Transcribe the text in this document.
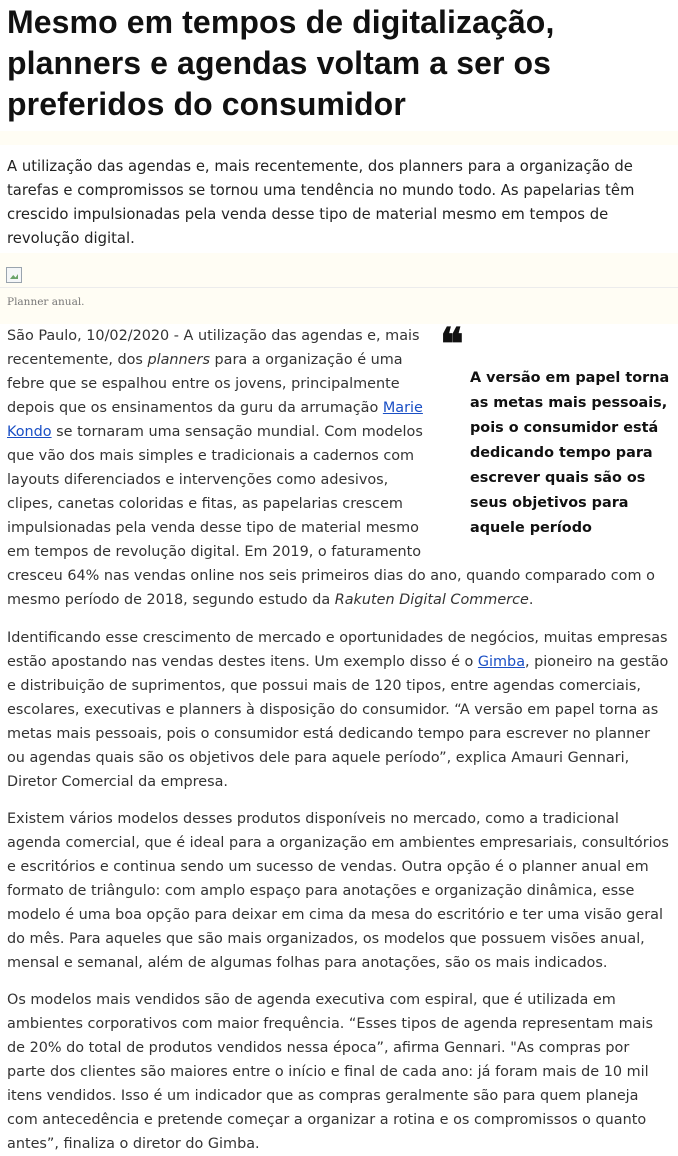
Mesmo em tempos de digitalização, planners e agendas voltam a ser os preferidos do consumidor
A utilização das agendas e, mais recentemente, dos planners para a organização de tarefas e compromissos se tornou uma tendência no mundo todo. As papelarias têm crescido impulsionadas pela venda desse tipo de material mesmo em tempos de revolução digital.
Planner anual.
❝
A versão em papel torna as metas mais pessoais, pois o consumidor está dedicando tempo para escrever quais são os seus objetivos para aquele período

São Paulo, 10/02/2020 - A utilização das agendas e, mais recentemente, dos planners para a organização é uma febre que se espalhou entre os jovens, principalmente depois que os ensinamentos da guru da arrumação Marie Kondo se tornaram uma sensação mundial. Com modelos que vão dos mais simples e tradicionais a cadernos com layouts diferenciados e intervenções como adesivos, clipes, canetas coloridas e fitas, as papelarias crescem impulsionadas pela venda desse tipo de material mesmo em tempos de revolução digital. Em 2019, o faturamento cresceu 64% nas vendas online nos seis primeiros dias do ano, quando comparado com o mesmo período de 2018, segundo estudo da Rakuten Digital Commerce.

Identificando esse crescimento de mercado e oportunidades de negócios, muitas empresas estão apostando nas vendas destes itens. Um exemplo disso é o Gimba, pioneiro na gestão e distribuição de suprimentos, que possui mais de 120 tipos, entre agendas comerciais, escolares, executivas e planners à disposição do consumidor. “A versão em papel torna as metas mais pessoais, pois o consumidor está dedicando tempo para escrever no planner ou agendas quais são os objetivos dele para aquele período”, explica Amauri Gennari, Diretor Comercial da empresa.

Existem vários modelos desses produtos disponíveis no mercado, como a tradicional agenda comercial, que é ideal para a organização em ambientes empresariais, consultórios e escritórios e continua sendo um sucesso de vendas. Outra opção é o planner anual em formato de triângulo: com amplo espaço para anotações e organização dinâmica, esse modelo é uma boa opção para deixar em cima da mesa do escritório e ter uma visão geral do mês. Para aqueles que são mais organizados, os modelos que possuem visões anual, mensal e semanal, além de algumas folhas para anotações, são os mais indicados.

Os modelos mais vendidos são de agenda executiva com espiral, que é utilizada em ambientes corporativos com maior frequência. “Esses tipos de agenda representam mais de 20% do total de produtos vendidos nessa época”, afirma Gennari. "As compras por parte dos clientes são maiores entre o início e final de cada ano: já foram mais de 10 mil itens vendidos. Isso é um indicador que as compras geralmente são para quem planeja com antecedência e pretende começar a organizar a rotina e os compromissos o quanto antes”, finaliza o diretor do Gimba.
